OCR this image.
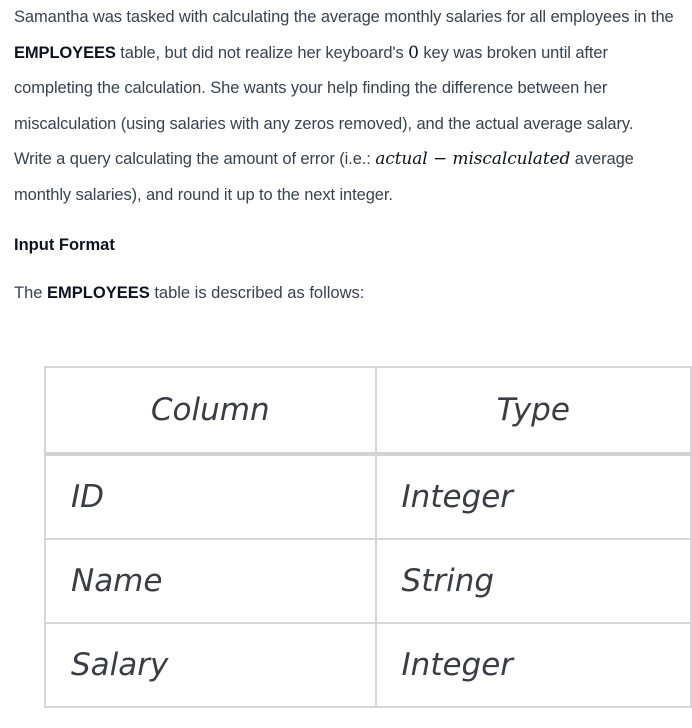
Samantha was tasked with calculating the average monthly salaries for all employees in the EMPLOYEES table, but did not realize her keyboard's 0 key was broken until after completing the calculation. She wants your help finding the difference between her miscalculation (using salaries with any zeros removed), and the actual average salary.

Write a query calculating the amount of error (i.e.: actual − miscalculated average monthly salaries), and round it up to the next integer.

Input Format

The EMPLOYEES table is described as follows:

Column	Type
ID	Integer
Name	String
Salary	Integer
